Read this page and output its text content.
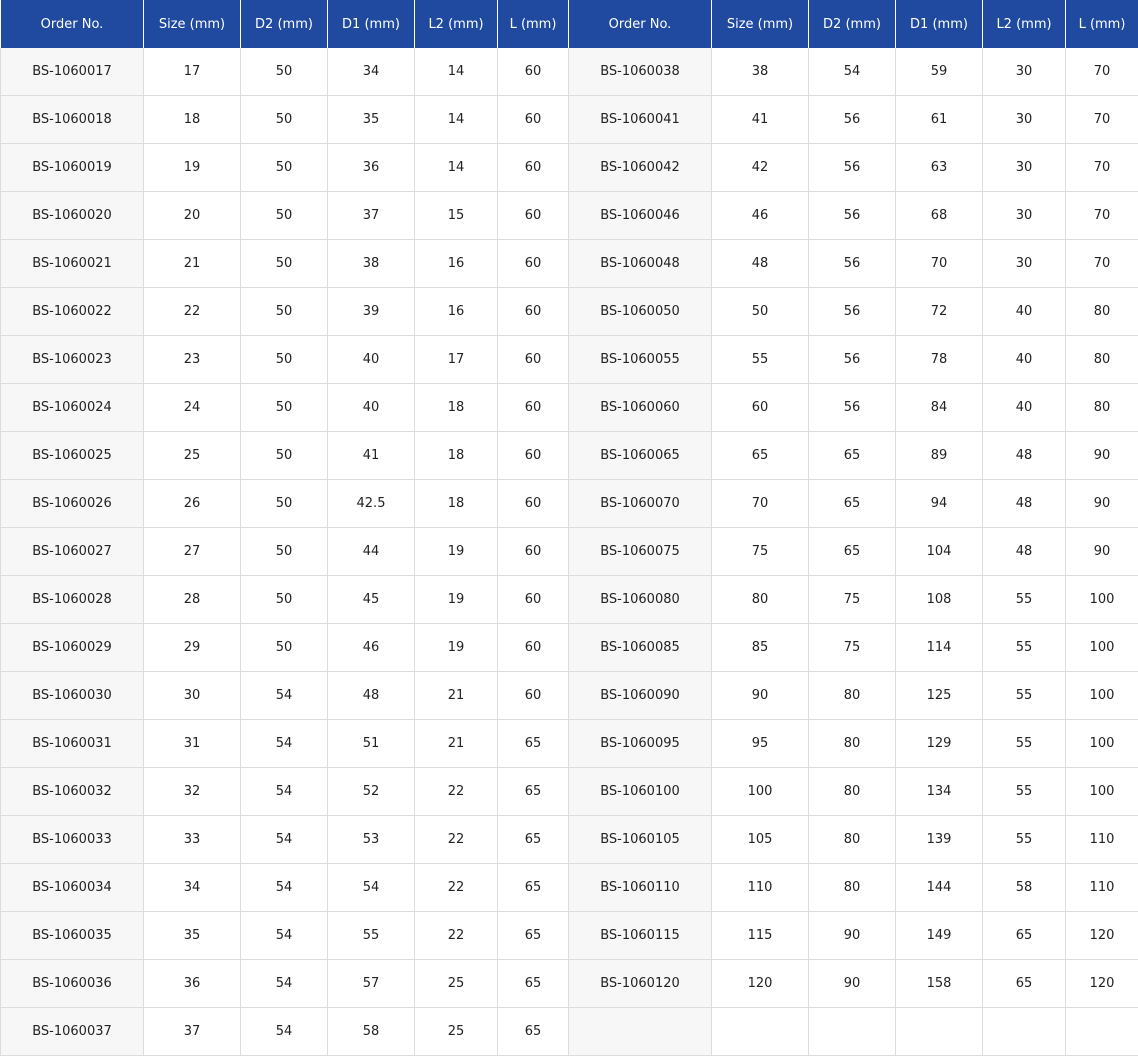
Order No.	Size (mm)	D2 (mm)	D1 (mm)	L2 (mm)	L (mm)	Order No.	Size (mm)	D2 (mm)	D1 (mm)	L2 (mm)	L (mm)
BS-1060017	17	50	34	14	60	BS-1060038	38	54	59	30	70
BS-1060018	18	50	35	14	60	BS-1060041	41	56	61	30	70
BS-1060019	19	50	36	14	60	BS-1060042	42	56	63	30	70
BS-1060020	20	50	37	15	60	BS-1060046	46	56	68	30	70
BS-1060021	21	50	38	16	60	BS-1060048	48	56	70	30	70
BS-1060022	22	50	39	16	60	BS-1060050	50	56	72	40	80
BS-1060023	23	50	40	17	60	BS-1060055	55	56	78	40	80
BS-1060024	24	50	40	18	60	BS-1060060	60	56	84	40	80
BS-1060025	25	50	41	18	60	BS-1060065	65	65	89	48	90
BS-1060026	26	50	42.5	18	60	BS-1060070	70	65	94	48	90
BS-1060027	27	50	44	19	60	BS-1060075	75	65	104	48	90
BS-1060028	28	50	45	19	60	BS-1060080	80	75	108	55	100
BS-1060029	29	50	46	19	60	BS-1060085	85	75	114	55	100
BS-1060030	30	54	48	21	60	BS-1060090	90	80	125	55	100
BS-1060031	31	54	51	21	65	BS-1060095	95	80	129	55	100
BS-1060032	32	54	52	22	65	BS-1060100	100	80	134	55	100
BS-1060033	33	54	53	22	65	BS-1060105	105	80	139	55	110
BS-1060034	34	54	54	22	65	BS-1060110	110	80	144	58	110
BS-1060035	35	54	55	22	65	BS-1060115	115	90	149	65	120
BS-1060036	36	54	57	25	65	BS-1060120	120	90	158	65	120
BS-1060037	37	54	58	25	65						
